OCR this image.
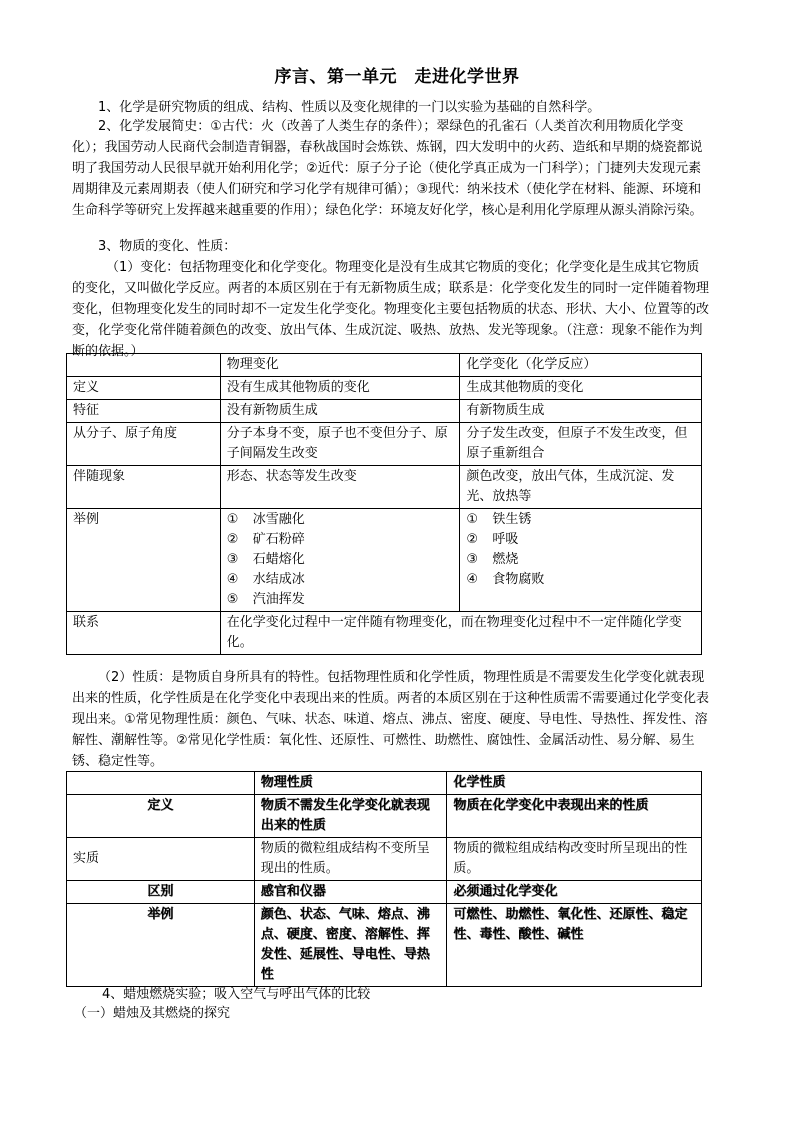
序言、第一单元　走进化学世界

1、化学是研究物质的组成、结构、性质以及变化规律的一门以实验为基础的自然科学。

2、化学发展简史：①古代：火（改善了人类生存的条件）；翠绿色的孔雀石（人类首次利用物质化学变化）；我国劳动人民商代会制造青铜器，春秋战国时会炼铁、炼钢，四大发明中的火药、造纸和早期的烧瓷都说明了我国劳动人民很早就开始利用化学；②近代：原子分子论（使化学真正成为一门科学）；门捷列夫发现元素周期律及元素周期表（使人们研究和学习化学有规律可循）；③现代：纳米技术（使化学在材料、能源、环境和生命科学等研究上发挥越来越重要的作用）；绿色化学：环境友好化学，核心是利用化学原理从源头消除污染。

3、物质的变化、性质：

（1）变化：包括物理变化和化学变化。物理变化是没有生成其它物质的变化；化学变化是生成其它物质的变化，又叫做化学反应。两者的本质区别在于有无新物质生成；联系是：化学变化发生的同时一定伴随着物理变化，但物理变化发生的同时却不一定发生化学变化。物理变化主要包括物质的状态、形状、大小、位置等的改变，化学变化常伴随着颜色的改变、放出气体、生成沉淀、吸热、放热、发光等现象。（注意：现象不能作为判断的依据。）

	物理变化	化学变化（化学反应）
定义	没有生成其他物质的变化	生成其他物质的变化
特征	没有新物质生成	有新物质生成
从分子、原子角度	分子本身不变，原子也不变但分子、原子间隔发生改变	分子发生改变，但原子不发生改变，但原子重新组合
伴随现象	形态、状态等发生改变	颜色改变，放出气体，生成沉淀、发光、放热等
举例	① 冰雪融化
② 矿石粉碎
③ 石蜡熔化
④ 水结成冰
⑤ 汽油挥发	① 铁生锈
② 呼吸
③ 燃烧
④ 食物腐败

联系	在化学变化过程中一定伴随有物理变化，而在物理变化过程中不一定伴随化学变化。	

（2）性质：是物质自身所具有的特性。包括物理性质和化学性质，物理性质是不需要发生化学变化就表现出来的性质，化学性质是在化学变化中表现出来的性质。两者的本质区别在于这种性质需不需要通过化学变化表现出来。①常见物理性质：颜色、气味、状态、味道、熔点、沸点、密度、硬度、导电性、导热性、挥发性、溶解性、潮解性等。②常见化学性质：氧化性、还原性、可燃性、助燃性、腐蚀性、金属活动性、易分解、易生锈、稳定性等。

	物理性质	化学性质
定义	物质不需发生化学变化就表现出来的性质	物质在化学变化中表现出来的性质
实质	物质的微粒组成结构不变所呈现出的性质。	物质的微粒组成结构改变时所呈现出的性质。
区别	感官和仪器	必须通过化学变化
举例	颜色、状态、气味、熔点、沸点、硬度、密度、溶解性、挥发性、延展性、导电性、导热性	可燃性、助燃性、氧化性、还原性、稳定性、毒性、酸性、碱性
4、蜡烛燃烧实验；吸入空气与呼出气体的比较
（一）蜡烛及其燃烧的探究
